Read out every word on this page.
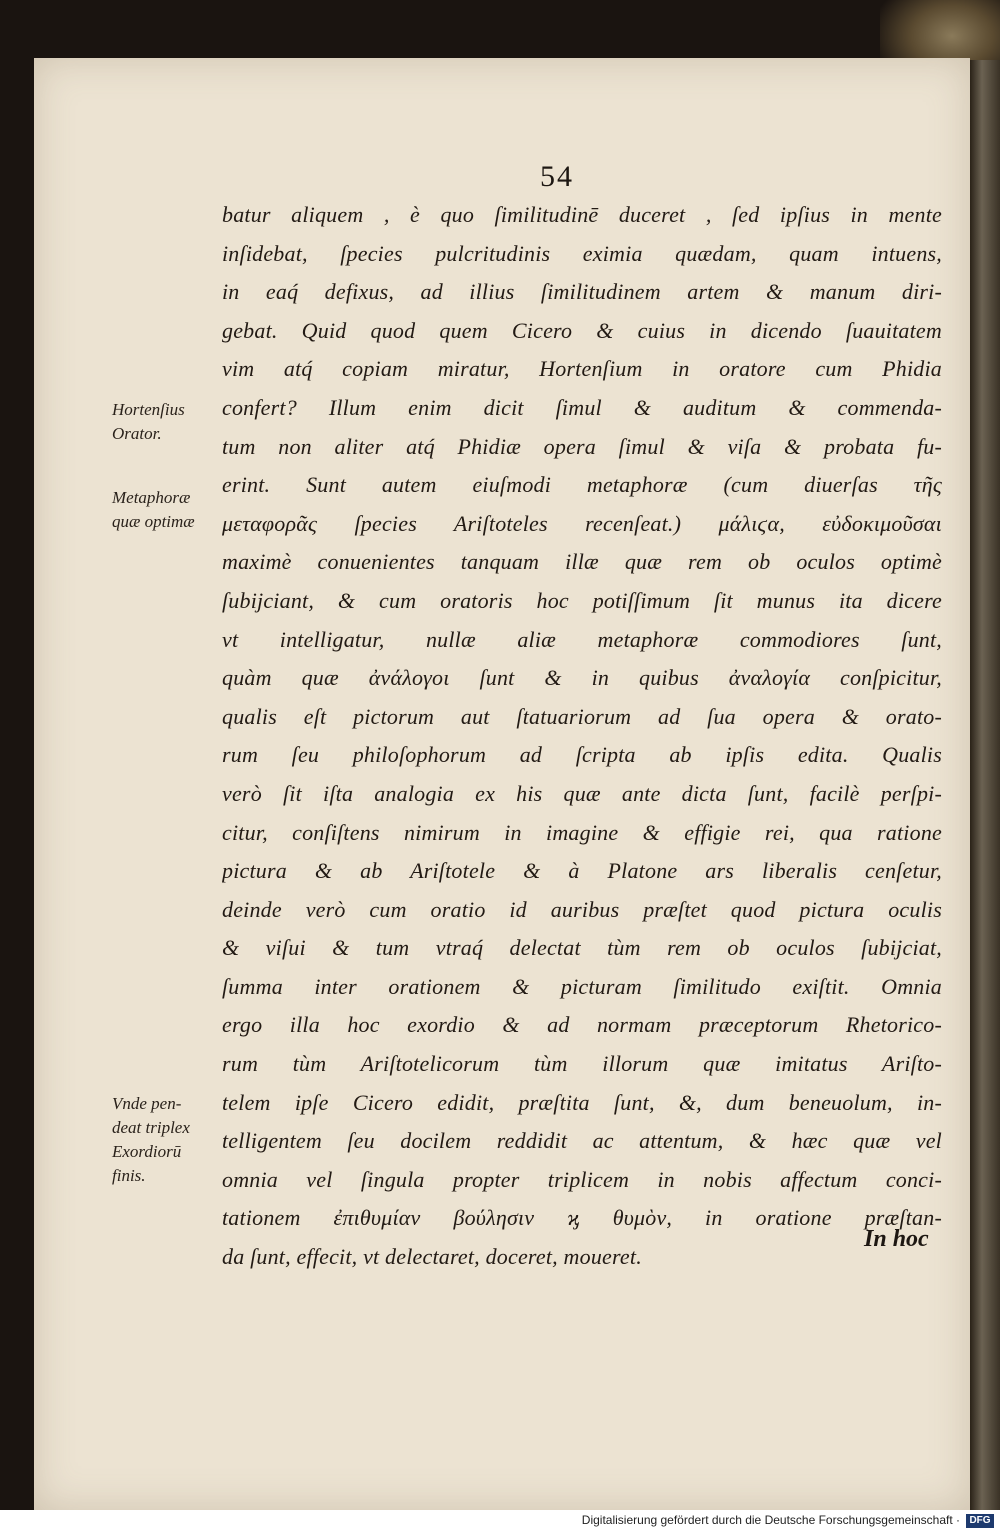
54
batur aliquem , è quo ſimilitudinē duceret , ſed ipſius in mente
inſidebat, ſpecies pulcritudinis eximia quædam, quam intuens,
in eaq́ defixus, ad illius ſimilitudinem artem & manum diri-
gebat. Quid quod quem Cicero & cuius in dicendo ſuauitatem
vim atq́ copiam miratur, Hortenſium in oratore cum Phidia
confert? Illum enim dicit ſimul & auditum & commenda-
tum non aliter atq́ Phidiæ opera ſimul & viſa & probata fu-
erint. Sunt autem eiuſmodi metaphoræ (cum diuerſas τῆς
μεταφορᾶς ſpecies Ariſtoteles recenſeat.) μάλιϛα, εὐδοκιμοῦσαι
maximè conuenientes tanquam illæ quæ rem ob oculos optimè
ſubijciant, & cum oratoris hoc potiſſimum ſit munus ita dicere
vt intelligatur, nullæ aliæ metaphoræ commodiores ſunt,
quàm quæ ἀνάλογοι ſunt & in quibus ἀναλογία conſpicitur,
qualis eſt pictorum aut ſtatuariorum ad ſua opera & orato-
rum ſeu philoſophorum ad ſcripta ab ipſis edita. Qualis
verò ſit iſta analogia ex his quæ ante dicta ſunt, facilè perſpi-
citur, conſiſtens nimirum in imagine & effigie rei, qua ratione
pictura & ab Ariſtotele & à Platone ars liberalis cenſetur,
deinde verò cum oratio id auribus præſtet quod pictura oculis
& viſui & tum vtraq́ delectat tùm rem ob oculos ſubijciat,
ſumma inter orationem & picturam ſimilitudo exiſtit. Omnia
ergo illa hoc exordio & ad normam præceptorum Rhetorico-
rum tùm Ariſtotelicorum tùm illorum quæ imitatus Ariſto-
telem ipſe Cicero edidit, præſtita ſunt, &, dum beneuolum, in-
telligentem ſeu docilem reddidit ac attentum, & hæc quæ vel
omnia vel ſingula propter triplicem in nobis affectum conci-
tationem ἐπιθυμίαν βούλησιν ϗ θυμὸν, in oratione præſtan-
da ſunt, effecit, vt delectaret, doceret, moueret.
Hortenſius
Orator.
Metaphoræ
quæ optimæ
Vnde pen-
deat triplex
Exordiorū
finis.
In hoc
Digitalisierung gefördert durch die Deutsche Forschungsgemeinschaft · DFG
